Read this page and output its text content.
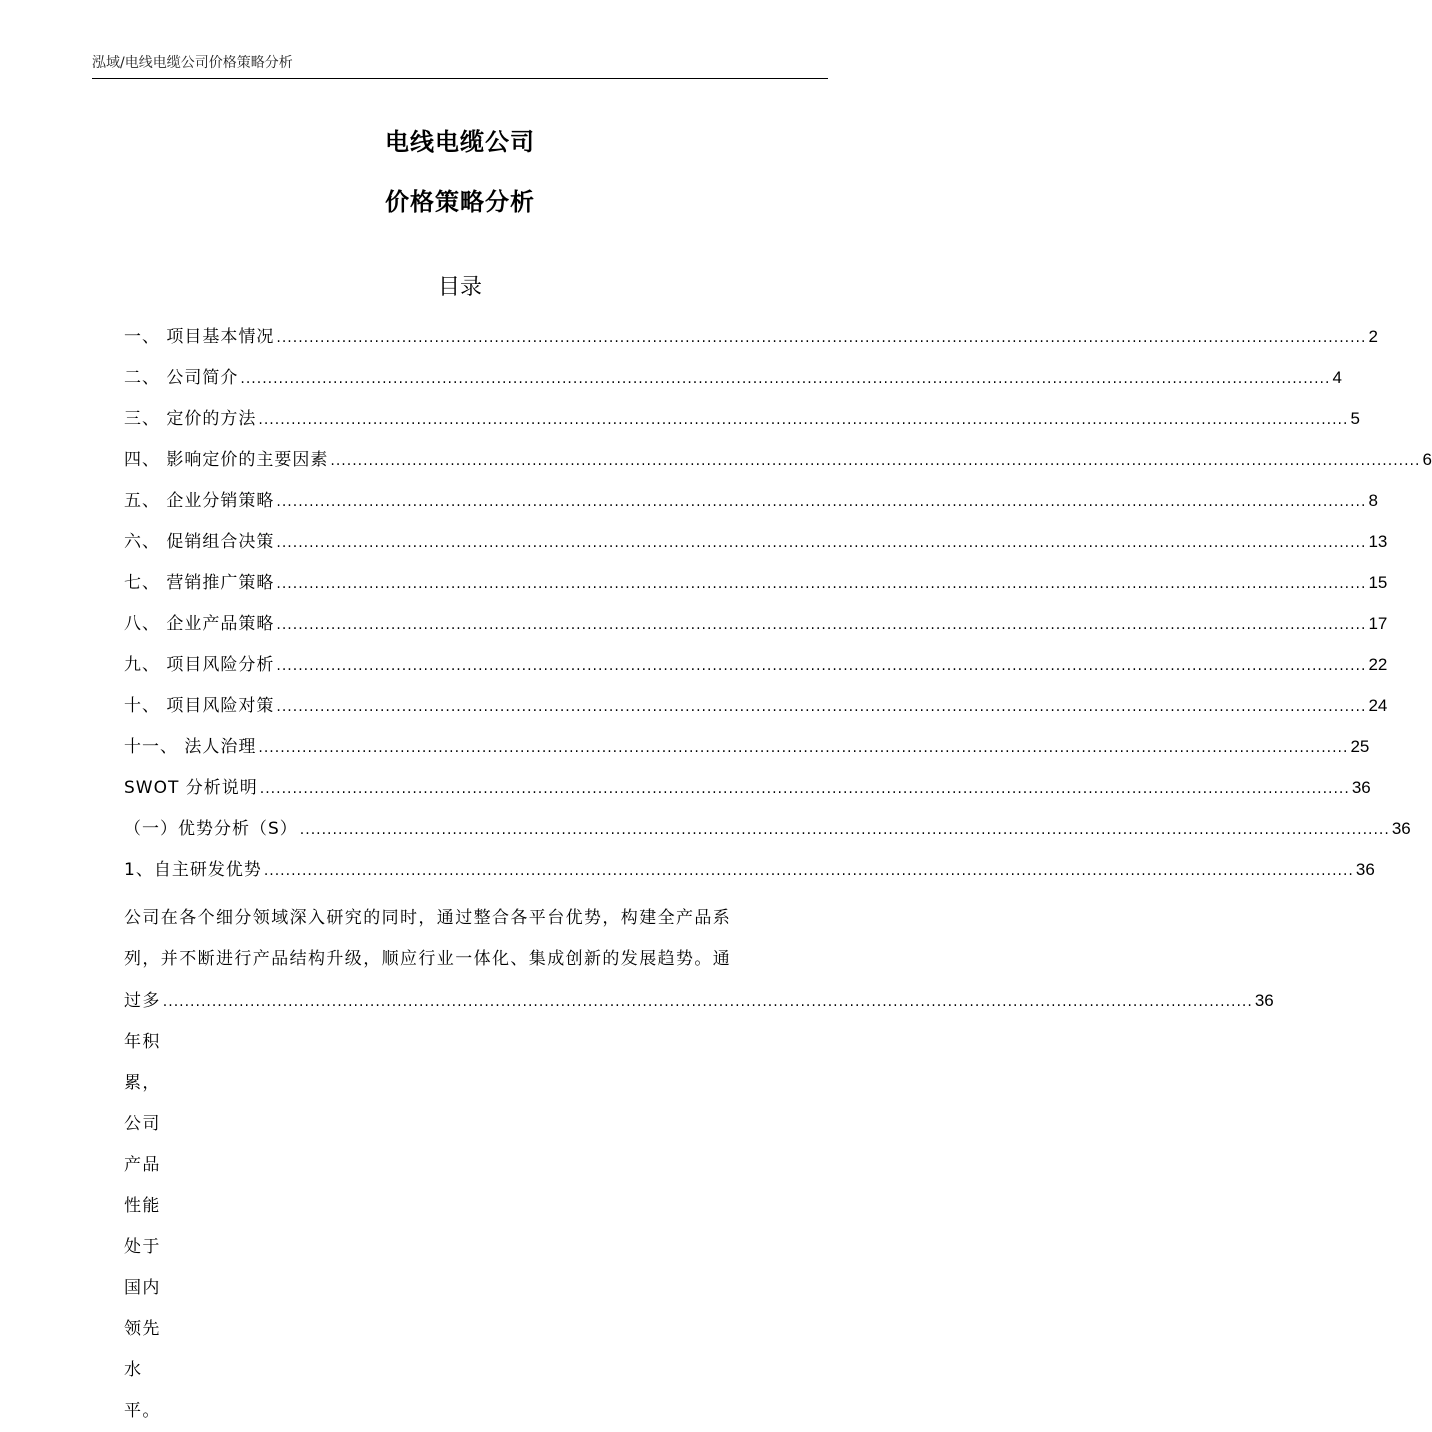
泓域/电线电缆公司价格策略分析
电线电缆公司
价格策略分析
目录
一、 项目基本情况 ........................................................................................................................................................................................................ 2
二、 公司简介 ........................................................................................................................................................................................................ 4
三、 定价的方法 ........................................................................................................................................................................................................ 5
四、 影响定价的主要因素 ........................................................................................................................................................................................................ 6
五、 企业分销策略 ........................................................................................................................................................................................................ 8
六、 促销组合决策 ........................................................................................................................................................................................................ 13
七、 营销推广策略 ........................................................................................................................................................................................................ 15
八、 企业产品策略 ........................................................................................................................................................................................................ 17
九、 项目风险分析 ........................................................................................................................................................................................................ 22
十、 项目风险对策 ........................................................................................................................................................................................................ 24
十一、 法人治理 ........................................................................................................................................................................................................ 25
SWOT 分析说明 ........................................................................................................................................................................................................ 36
（一）优势分析（S） ........................................................................................................................................................................................................ 36
1、自主研发优势 ........................................................................................................................................................................................................ 36
公司在各个细分领域深入研究的同时，通过整合各平台优势，构建全产品系
列，并不断进行产品结构升级，顺应行业一体化、集成创新的发展趋势。通
过多年积累，公司产品性能处于国内领先水平。
........................................................................................................................................................................................................ 36
